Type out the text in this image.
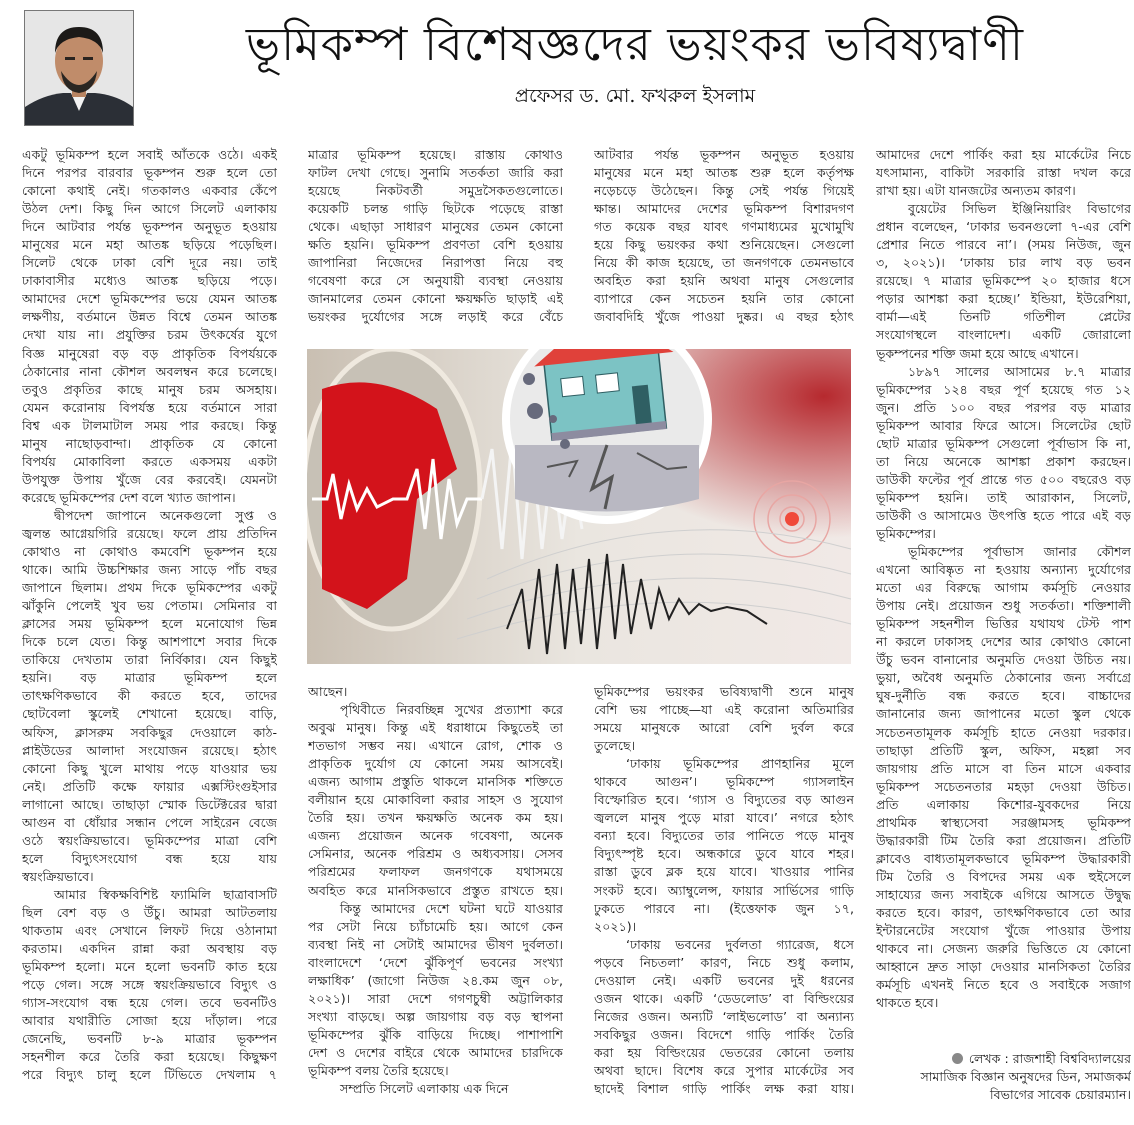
ভূমিকম্প বিশেষজ্ঞদের ভয়ংকর ভবিষ্যদ্বাণী
প্রফেসর ড. মো. ফখরুল ইসলাম
একটু ভূমিকম্প হলে সবাই আঁতকে ওঠে। একই
দিনে পরপর বারবার ভূকম্পন শুরু হলে তো
কোনো কথাই নেই। গতকালও একবার কেঁপে
উঠল দেশ। কিছু দিন আগে সিলেট এলাকায়
দিনে আটবার পর্যন্ত ভূকম্পন অনুভূত হওয়ায়
মানুষের মনে মহা আতঙ্ক ছড়িয়ে পড়েছিল।
সিলেট থেকে ঢাকা বেশি দূরে নয়। তাই
ঢাকাবাসীর মধ্যেও আতঙ্ক ছড়িয়ে পড়ে।
আমাদের দেশে ভূমিকম্পের ভয়ে যেমন আতঙ্ক
লক্ষণীয়, বর্তমানে উন্নত বিশ্বে তেমন আতঙ্ক
দেখা যায় না। প্রযুক্তির চরম উৎকর্ষের যুগে
বিজ্ঞ মানুষেরা বড় বড় প্রাকৃতিক বিপর্যয়কে
ঠেকানোর নানা কৌশল অবলম্বন করে চলেছে।
তবুও প্রকৃতির কাছে মানুষ চরম অসহায়।
যেমন করোনায় বিপর্যস্ত হয়ে বর্তমানে সারা
বিশ্ব এক টালমাটাল সময় পার করছে। কিন্তু
মানুষ নাছোড়বান্দা। প্রাকৃতিক যে কোনো
বিপর্যয় মোকাবিলা করতে একসময় একটা
উপযুক্ত উপায় খুঁজে বের করবেই। যেমনটা
করেছে ভূমিকম্পের দেশ বলে খ্যাত জাপান।
দ্বীপদেশ জাপানে অনেকগুলো সুপ্ত ও
জ্বলন্ত আগ্নেয়গিরি রয়েছে। ফলে প্রায় প্রতিদিন
কোথাও না কোথাও কমবেশি ভূকম্পন হয়ে
থাকে। আমি উচ্চশিক্ষার জন্য সাড়ে পাঁচ বছর
জাপানে ছিলাম। প্রথম দিকে ভূমিকম্পের একটু
ঝাঁকুনি পেলেই খুব ভয় পেতাম। সেমিনার বা
ক্লাসের সময় ভূমিকম্প হলে মনোযোগ ভিন্ন
দিকে চলে যেত। কিন্তু আশপাশে সবার দিকে
তাকিয়ে দেখতাম তারা নির্বিকার। যেন কিছুই
হয়নি। বড় মাত্রার ভূমিকম্প হলে
তাৎক্ষণিকভাবে কী করতে হবে, তাদের
ছোটবেলা স্কুলেই শেখানো হয়েছে। বাড়ি,
অফিস, ক্লাসরুম সবকিছুর দেওয়ালে কাঠ-
প্লাইউডের আলাদা সংযোজন রয়েছে। হঠাৎ
কোনো কিছু খুলে মাথায় পড়ে যাওয়ার ভয়
নেই। প্রতিটি কক্ষে ফায়ার এক্সস্টিংগুইসার
লাগানো আছে। তাছাড়া স্মোক ডিটেক্টরের দ্বারা
আগুন বা ধোঁয়ার সন্ধান পেলে সাইরেন বেজে
ওঠে স্বয়ংক্রিয়ভাবে। ভূমিকম্পের মাত্রা বেশি
হলে বিদ্যুৎসংযোগ বন্ধ হয়ে যায়
স্বয়ংক্রিয়ভাবে।
আমার স্বিকক্ষবিশিষ্ট ফ্যামিলি ছাত্রাবাসটি
ছিল বেশ বড় ও উঁচু। আমরা আটতলায়
থাকতাম এবং সেখানে লিফট দিয়ে ওঠানামা
করতাম। একদিন রান্না করা অবস্থায় বড়
ভূমিকম্প হলো। মনে হলো ভবনটি কাত হয়ে
পড়ে গেল। সঙ্গে সঙ্গে স্বয়ংক্রিয়ভাবে বিদ্যুৎ ও
গ্যাস-সংযোগ বন্ধ হয়ে গেল। তবে ভবনটিও
আবার যথারীতি সোজা হয়ে দাঁড়াল। পরে
জেনেছি, ভবনটি ৮-৯ মাত্রার ভূকম্পন
সহনশীল করে তৈরি করা হয়েছে। কিছুক্ষণ
পরে বিদ্যুৎ চালু হলে টিভিতে দেখলাম ৭
মাত্রার ভূমিকম্প হয়েছে। রাস্তায় কোথাও
ফাটল দেখা গেছে। সুনামি সতর্কতা জারি করা
হয়েছে নিকটবর্তী সমুদ্রসৈকতগুলোতে।
কয়েকটি চলন্ত গাড়ি ছিটকে পড়েছে রাস্তা
থেকে। এছাড়া সাধারণ মানুষের তেমন কোনো
ক্ষতি হয়নি। ভূমিকম্প প্রবণতা বেশি হওয়ায়
জাপানিরা নিজেদের নিরাপত্তা নিয়ে বহু
গবেষণা করে সে অনুযায়ী ব্যবস্থা নেওয়ায়
জানমালের তেমন কোনো ক্ষয়ক্ষতি ছাড়াই এই
ভয়ংকর দুর্যোগের সঙ্গে লড়াই করে বেঁচে
আছেন।
পৃথিবীতে নিরবচ্ছিন্ন সুখের প্রত্যাশা করে
অবুঝ মানুষ। কিন্তু এই ধরাধামে কিছুতেই তা
শতভাগ সম্ভব নয়। এখানে রোগ, শোক ও
প্রাকৃতিক দুর্যোগ যে কোনো সময় আসবেই।
এজন্য আগাম প্রস্তুতি থাকলে মানসিক শক্তিতে
বলীয়ান হয়ে মোকাবিলা করার সাহস ও সুযোগ
তৈরি হয়। তখন ক্ষয়ক্ষতি অনেক কম হয়।
এজন্য প্রয়োজন অনেক গবেষণা, অনেক
সেমিনার, অনেক পরিশ্রম ও অধ্যবসায়। সেসব
পরিশ্রমের ফলাফল জনগণকে যথাসময়ে
অবহিত করে মানসিকভাবে প্রস্তুত রাখতে হয়।
কিন্তু আমাদের দেশে ঘটনা ঘটে যাওয়ার
পর সেটা নিয়ে চ্যাঁচামেচি হয়। আগে কেন
ব্যবস্থা নিই না সেটাই আমাদের ভীষণ দুর্বলতা।
বাংলাদেশে ‘দেশে ঝুঁকিপূর্ণ ভবনের সংখ্যা
লক্ষাধিক’ (জাগো নিউজ ২৪.কম জুন ০৮,
২০২১)। সারা দেশে গগণচুম্বী অট্টালিকার
সংখ্যা বাড়ছে। অল্প জায়গায় বড় বড় স্থাপনা
ভূমিকম্পের ঝুঁকি বাড়িয়ে দিচ্ছে। পাশাপাশি
দেশ ও দেশের বাইরে থেকে আমাদের চারদিকে
ভূমিকম্প বলয় তৈরি হয়েছে।
সম্প্রতি সিলেট এলাকায় এক দিনে
আটবার পর্যন্ত ভূকম্পন অনুভূত হওয়ায়
মানুষের মনে মহা আতঙ্ক শুরু হলে কর্তৃপক্ষ
নড়েচড়ে উঠেছেন। কিন্তু সেই পর্যন্ত গিয়েই
ক্ষান্ত। আমাদের দেশের ভূমিকম্প বিশারদগণ
গত কয়েক বছর যাবৎ গণমাধ্যমের মুখোমুখি
হয়ে কিছু ভয়ংকর কথা শুনিয়েছেন। সেগুলো
নিয়ে কী কাজ হয়েছে, তা জনগণকে তেমনভাবে
অবহিত করা হয়নি অথবা মানুষ সেগুলোর
ব্যাপারে কেন সচেতন হয়নি তার কোনো
জবাবদিহি খুঁজে পাওয়া দুষ্কর। এ বছর হঠাৎ
ভূমিকম্পের ভয়ংকর ভবিষ্যদ্বাণী শুনে মানুষ
বেশি ভয় পাচ্ছে—যা এই করোনা অতিমারির
সময়ে মানুষকে আরো বেশি দুর্বল করে
তুলেছে।
‘ঢাকায় ভূমিকম্পের প্রাণহানির মূলে
থাকবে আগুন’। ভূমিকম্পে গ্যাসলাইন
বিস্ফোরিত হবে। ‘গ্যাস ও বিদ্যুতের বড় আগুন
জ্বললে মানুষ পুড়ে মারা যাবে।’ নগরে হঠাৎ
বন্যা হবে। বিদ্যুতের তার পানিতে পড়ে মানুষ
বিদ্যুৎস্পৃষ্ট হবে। অন্ধকারে ডুবে যাবে শহর।
রাস্তা ডুবে ব্লক হয়ে যাবে। খাওয়ার পানির
সংকট হবে। অ্যাম্বুলেন্স, ফায়ার সার্ভিসের গাড়ি
ঢুকতে পারবে না। (ইত্তেফাক জুন ১৭,
২০২১)।
‘ঢাকায় ভবনের দুর্বলতা গ্যারেজ, ধসে
পড়বে নিচতলা’ কারণ, নিচে শুধু কলাম,
দেওয়াল নেই। একটি ভবনের দুই ধরনের
ওজন থাকে। একটি ‘ডেডলোড’ বা বিল্ডিংয়ের
নিজের ওজন। অন্যটি ‘লাইভলোড’ বা অন্যান্য
সবকিছুর ওজন। বিদেশে গাড়ি পার্কিং তৈরি
করা হয় বিল্ডিংয়ের ভেতরের কোনো তলায়
অথবা ছাদে। বিশেষ করে সুপার মার্কেটের সব
ছাদেই বিশাল গাড়ি পার্কিং লক্ষ করা যায়।
আমাদের দেশে পার্কিং করা হয় মার্কেটের নিচে
যৎসামান্য, বাকিটা সরকারি রাস্তা দখল করে
রাখা হয়। এটা যানজটের অন্যতম কারণ।
বুয়েটের সিভিল ইঞ্জিনিয়ারিং বিভাগের
প্রধান বলেছেন, ‘ঢাকার ভবনগুলো ৭-এর বেশি
প্রেশার নিতে পারবে না’। (সময় নিউজ, জুন
৩, ২০২১)। ‘ঢাকায় চার লাখ বড় ভবন
রয়েছে। ৭ মাত্রার ভূমিকম্পে ২০ হাজার ধসে
পড়ার আশঙ্কা করা হচ্ছে।’ ইন্ডিয়া, ইউরেশিয়া,
বার্মা—এই তিনটি গতিশীল প্লেটের
সংযোগস্থলে বাংলাদেশ। একটি জোরালো
ভূকম্পনের শক্তি জমা হয়ে আছে এখানে।
১৮৯৭ সালের আসামের ৮.৭ মাত্রার
ভূমিকম্পের ১২৪ বছর পূর্ণ হয়েছে গত ১২
জুন। প্রতি ১০০ বছর পরপর বড় মাত্রার
ভূমিকম্প আবার ফিরে আসে। সিলেটের ছোট
ছোট মাত্রার ভূমিকম্প সেগুলো পূর্বাভাস কি না,
তা নিয়ে অনেকে আশঙ্কা প্রকাশ করছেন।
ডাউকী ফল্টের পূর্ব প্রান্তে গত ৫০০ বছরেও বড়
ভূমিকম্প হয়নি। তাই আরাকান, সিলেট,
ডাউকী ও আসামেও উৎপত্তি হতে পারে এই বড়
ভূমিকম্পের।
ভূমিকম্পের পূর্বাভাস জানার কৌশল
এখনো আবিষ্কৃত না হওয়ায় অন্যান্য দুর্যোগের
মতো এর বিরুদ্ধে আগাম কর্মসূচি নেওয়ার
উপায় নেই। প্রয়োজন শুধু সতর্কতা। শক্তিশালী
ভূমিকম্প সহনশীল ভিত্তির যথাযথ টেস্ট পাশ
না করলে ঢাকাসহ দেশের আর কোথাও কোনো
উঁচু ভবন বানানোর অনুমতি দেওয়া উচিত নয়।
ভুয়া, অবৈধ অনুমতি ঠেকানোর জন্য সর্বাগ্রে
ঘুষ-দুর্নীতি বন্ধ করতে হবে। বাচ্চাদের
জানানোর জন্য জাপানের মতো স্কুল থেকে
সচেতনতামূলক কর্মসূচি হাতে নেওয়া দরকার।
তাছাড়া প্রতিটি স্কুল, অফিস, মহল্লা সব
জায়গায় প্রতি মাসে বা তিন মাসে একবার
ভূমিকম্প সচেতনতার মহড়া দেওয়া উচিত।
প্রতি এলাকায় কিশোর-যুবকদের নিয়ে
প্রাথমিক স্বাস্থ্যসেবা সরঞ্জামসহ ভূমিকম্প
উদ্ধারকারী টিম তৈরি করা প্রয়োজন। প্রতিটি
ক্লাবেও বাধ্যতামূলকভাবে ভূমিকম্প উদ্ধারকারী
টিম তৈরি ও বিপদের সময় এক হুইসেলে
সাহায্যের জন্য সবাইকে এগিয়ে আসতে উদ্বুদ্ধ
করতে হবে। কারণ, তাৎক্ষণিকভাবে তো আর
ইন্টারনেটের সংযোগ খুঁজে পাওয়ার উপায়
থাকবে না। সেজন্য জরুরি ভিত্তিতে যে কোনো
আহ্বানে দ্রুত সাড়া দেওয়ার মানসিকতা তৈরির
কর্মসূচি এখনই নিতে হবে ও সবাইকে সজাগ
থাকতে হবে।
লেখক : রাজশাহী বিশ্ববিদ্যালয়ের
সামাজিক বিজ্ঞান অনুষদের ডিন, সমাজকর্ম
বিভাগের সাবেক চেয়ারম্যান।
